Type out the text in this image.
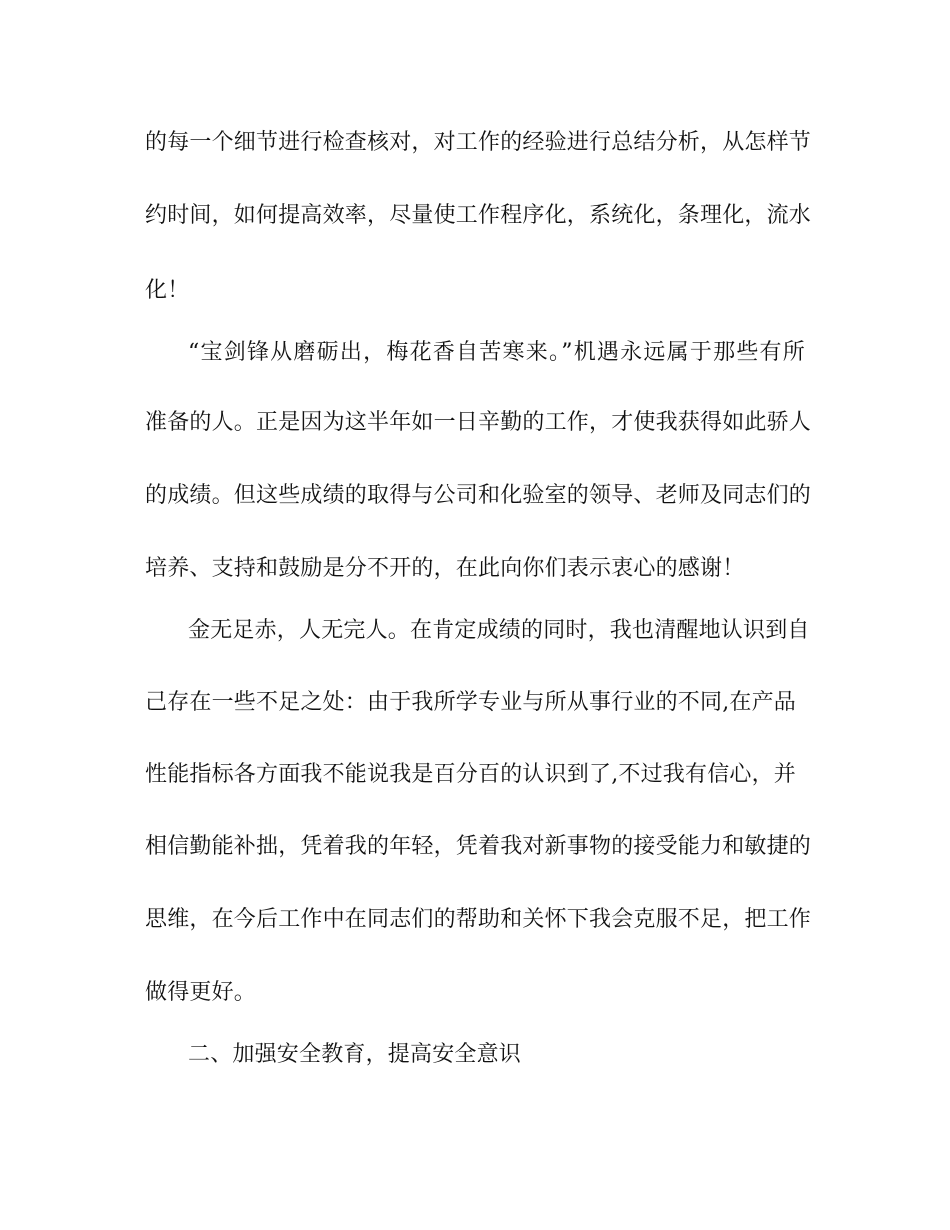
的每一个细节进行检查核对，对工作的经验进行总结分析，从怎样节
约时间，如何提高效率，尽量使工作程序化，系统化，条理化，流水
化！
“宝剑锋从磨砺出，梅花香自苦寒来。”机遇永远属于那些有所
准备的人。正是因为这半年如一日辛勤的工作，才使我获得如此骄人
的成绩。但这些成绩的取得与公司和化验室的领导、老师及同志们的
培养、支持和鼓励是分不开的，在此向你们表示衷心的感谢！
金无足赤，人无完人。在肯定成绩的同时，我也清醒地认识到自
己存在一些不足之处：由于我所学专业与所从事行业的不同,在产品
性能指标各方面我不能说我是百分百的认识到了,不过我有信心，并
相信勤能补拙，凭着我的年轻，凭着我对新事物的接受能力和敏捷的
思维，在今后工作中在同志们的帮助和关怀下我会克服不足，把工作
做得更好。
二、加强安全教育，提高安全意识
